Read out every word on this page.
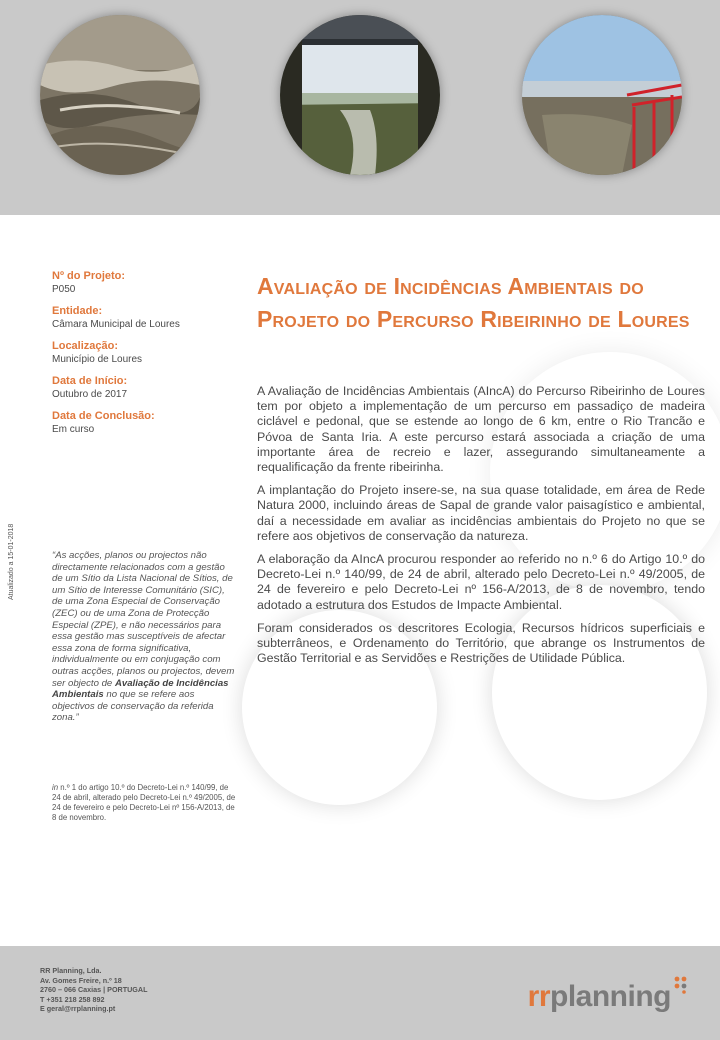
Atualizado a 15-01-2018
Nº do Projeto:
P050
Entidade:
Câmara Municipal de Loures
Localização:
Município de Loures
Data de Início:
Outubro de 2017
Data de Conclusão:
Em curso
“As acções, planos ou projectos não directamente relacionados com a gestão de um Sítio da Lista Nacional de Sítios, de um Sítio de Interesse Comunitário (SIC), de uma Zona Especial de Conservação (ZEC) ou de uma Zona de Protecção Especial (ZPE), e não necessários para essa gestão mas susceptíveis de afectar essa zona de forma significativa, individualmente ou em conjugação com outras acções, planos ou projectos, devem ser objecto de Avaliação de Incidências Ambientais no que se refere aos objectivos de conservação da referida zona.”
in n.º 1 do artigo 10.º do Decreto-Lei n.º 140/99, de 24 de abril, alterado pelo Decreto-Lei n.º 49/2005, de 24 de fevereiro e pelo Decreto-Lei nº 156-A/2013, de 8 de novembro.
Avaliação de Incidências Ambientais do Projeto do Percurso Ribeirinho de Loures

A Avaliação de Incidências Ambientais (AIncA) do Percurso Ribeirinho de Loures tem por objeto a implementação de um percurso em passadiço de madeira ciclável e pedonal, que se estende ao longo de 6 km, entre o Rio Trancão e Póvoa de Santa Iria. A este percurso estará associada a criação de uma importante área de recreio e lazer, assegurando simultaneamente a requalificação da frente ribeirinha.

A implantação do Projeto insere-se, na sua quase totalidade, em área de Rede Natura 2000, incluindo áreas de Sapal de grande valor paisagístico e ambiental, daí a necessidade em avaliar as incidências ambientais do Projeto no que se refere aos objetivos de conservação da natureza.

A elaboração da AIncA procurou responder ao referido no n.º 6 do Artigo 10.º do Decreto-Lei n.º 140/99, de 24 de abril, alterado pelo Decreto-Lei n.º 49/2005, de 24 de fevereiro e pelo Decreto-Lei nº 156-A/2013, de 8 de novembro, tendo adotado a estrutura dos Estudos de Impacte Ambiental.

Foram considerados os descritores Ecologia, Recursos hídricos superficiais e subterrâneos, e Ordenamento do Território, que abrange os Instrumentos de Gestão Territorial e as Servidões e Restrições de Utilidade Pública.

RR Planning, Lda.
Av. Gomes Freire, n.º 18
2760 – 066 Caxias | PORTUGAL
T +351 218 258 892
E geral@rrplanning.pt	rrplanning
